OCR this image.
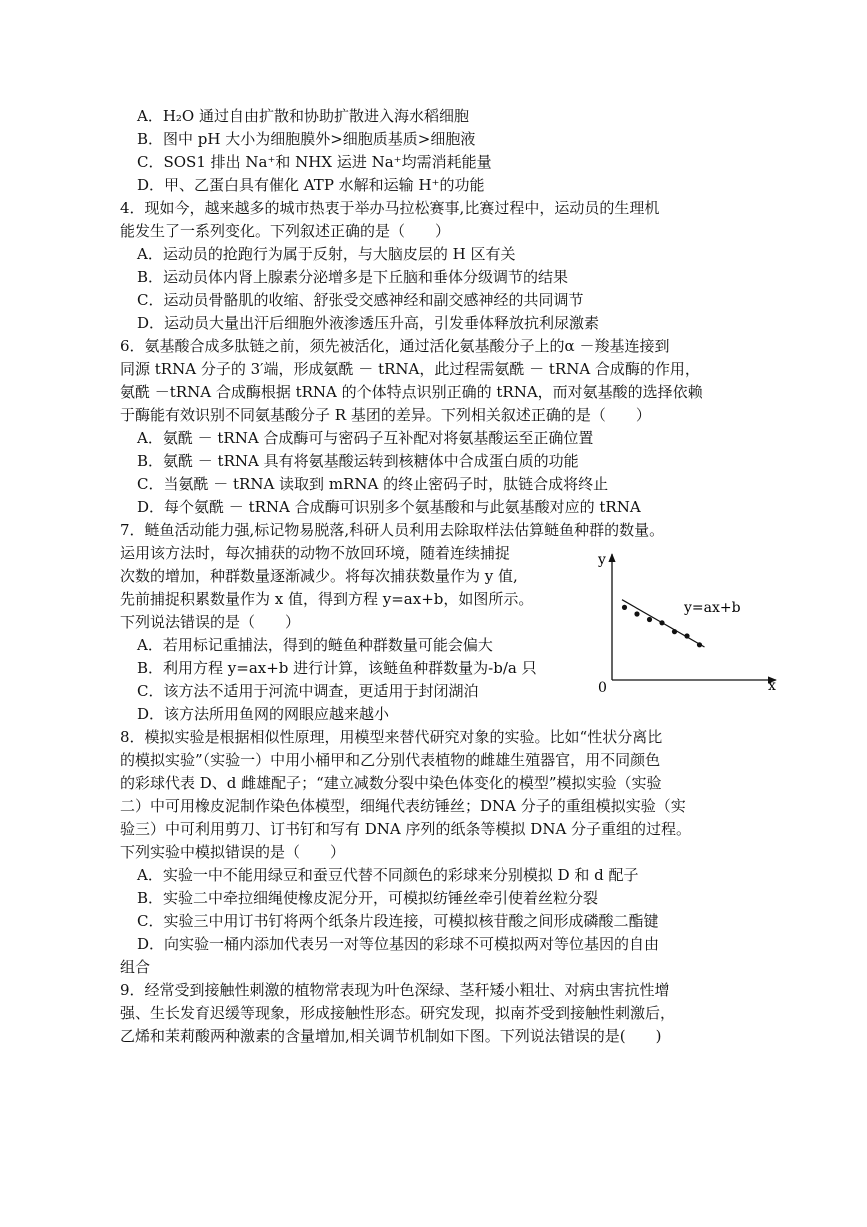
A．H₂O 通过自由扩散和协助扩散进入海水稻细胞
B．图中 pH 大小为细胞膜外>细胞质基质>细胞液
C．SOS1 排出 Na⁺和 NHX 运进 Na⁺均需消耗能量
D．甲、乙蛋白具有催化 ATP 水解和运输 H⁺的功能
4．现如今，越来越多的城市热衷于举办马拉松赛事,比赛过程中，运动员的生理机
能发生了一系列变化。下列叙述正确的是（　　）
A．运动员的抢跑行为属于反射，与大脑皮层的 H 区有关
B．运动员体内肾上腺素分泌增多是下丘脑和垂体分级调节的结果
C．运动员骨骼肌的收缩、舒张受交感神经和副交感神经的共同调节
D．运动员大量出汗后细胞外液渗透压升高，引发垂体释放抗利尿激素
6．氨基酸合成多肽链之前，须先被活化，通过活化氨基酸分子上的α －羧基连接到
同源 tRNA 分子的 3′端，形成氨酰 － tRNA，此过程需氨酰 － tRNA 合成酶的作用，
氨酰 －tRNA 合成酶根据 tRNA 的个体特点识别正确的 tRNA，而对氨基酸的选择依赖
于酶能有效识别不同氨基酸分子 R 基团的差异。下列相关叙述正确的是（　　）
A．氨酰 － tRNA 合成酶可与密码子互补配对将氨基酸运至正确位置
B．氨酰 － tRNA 具有将氨基酸运转到核糖体中合成蛋白质的功能
C．当氨酰 － tRNA 读取到 mRNA 的终止密码子时，肽链合成将终止
D．每个氨酰 － tRNA 合成酶可识别多个氨基酸和与此氨基酸对应的 tRNA
7．鲢鱼活动能力强,标记物易脱落,科研人员利用去除取样法估算鲢鱼种群的数量。
运用该方法时，每次捕获的动物不放回环境，随着连续捕捉
次数的增加，种群数量逐渐减少。将每次捕获数量作为 y 值,
先前捕捉积累数量作为 x 值，得到方程 y=ax+b，如图所示。
下列说法错误的是（　　）
A．若用标记重捕法，得到的鲢鱼种群数量可能会偏大
B．利用方程 y=ax+b 进行计算，该鲢鱼种群数量为-b/a 只
C．该方法不适用于河流中调查，更适用于封闭湖泊
D．该方法所用鱼网的网眼应越来越小
y
x
0
y=ax+b
8．模拟实验是根据相似性原理，用模型来替代研究对象的实验。比如“性状分离比
的模拟实验”（实验一）中用小桶甲和乙分别代表植物的雌雄生殖器官，用不同颜色
的彩球代表 D、d 雌雄配子；“建立减数分裂中染色体变化的模型”模拟实验（实验
二）中可用橡皮泥制作染色体模型，细绳代表纺锤丝；DNA 分子的重组模拟实验（实
验三）中可利用剪刀、订书钉和写有 DNA 序列的纸条等模拟 DNA 分子重组的过程。
下列实验中模拟错误的是（　　）
A．实验一中不能用绿豆和蚕豆代替不同颜色的彩球来分别模拟 D 和 d 配子
B．实验二中牵拉细绳使橡皮泥分开，可模拟纺锤丝牵引使着丝粒分裂
C．实验三中用订书钉将两个纸条片段连接，可模拟核苷酸之间形成磷酸二酯键
D．向实验一桶内添加代表另一对等位基因的彩球不可模拟两对等位基因的自由
组合
9．经常受到接触性刺激的植物常表现为叶色深绿、茎秆矮小粗壮、对病虫害抗性增
强、生长发育迟缓等现象，形成接触性形态。研究发现，拟南芥受到接触性刺激后，
乙烯和茉莉酸两种激素的含量增加,相关调节机制如下图。下列说法错误的是(　　)
